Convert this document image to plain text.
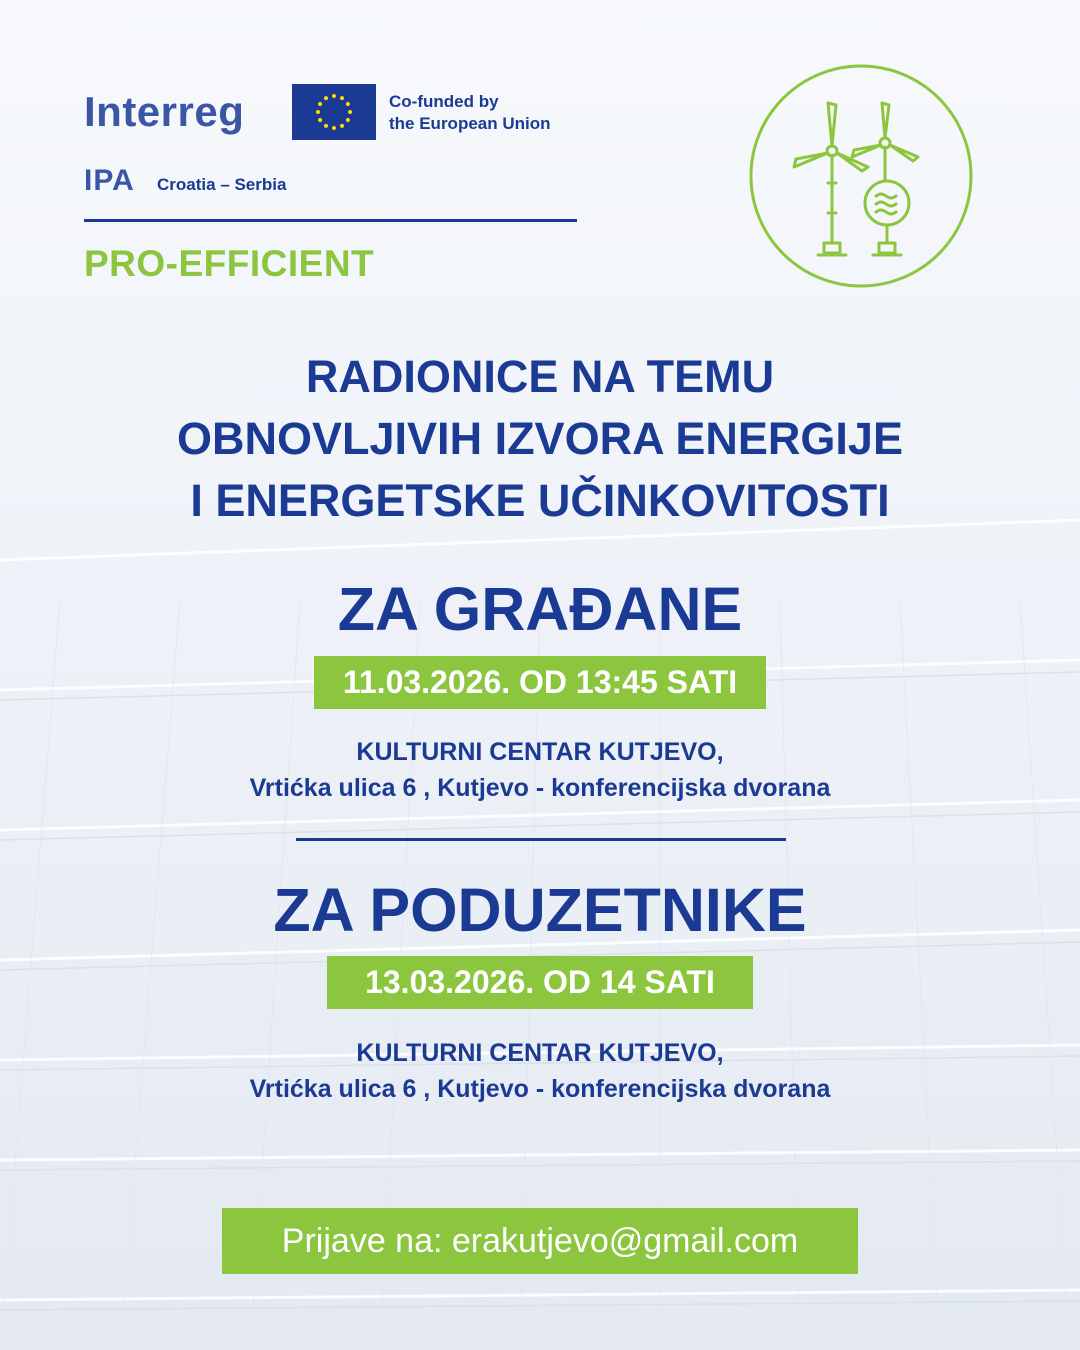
Interreg	Co-funded by
the European Union
IPA Croatia – Serbia
PRO-EFFICIENT
RADIONICE NA TEMU
OBNOVLJIVIH IZVORA ENERGIJE
I ENERGETSKE UČINKOVITOSTI
ZA GRAĐANE
11.03.2026. OD 13:45 SATI
KULTURNI CENTAR KUTJEVO,
Vrtićka ulica 6 , Kutjevo - konferencijska dvorana
ZA PODUZETNIKE
13.03.2026. OD 14 SATI
KULTURNI CENTAR KUTJEVO,
Vrtićka ulica 6 , Kutjevo - konferencijska dvorana
Prijave na: erakutjevo@gmail.com
